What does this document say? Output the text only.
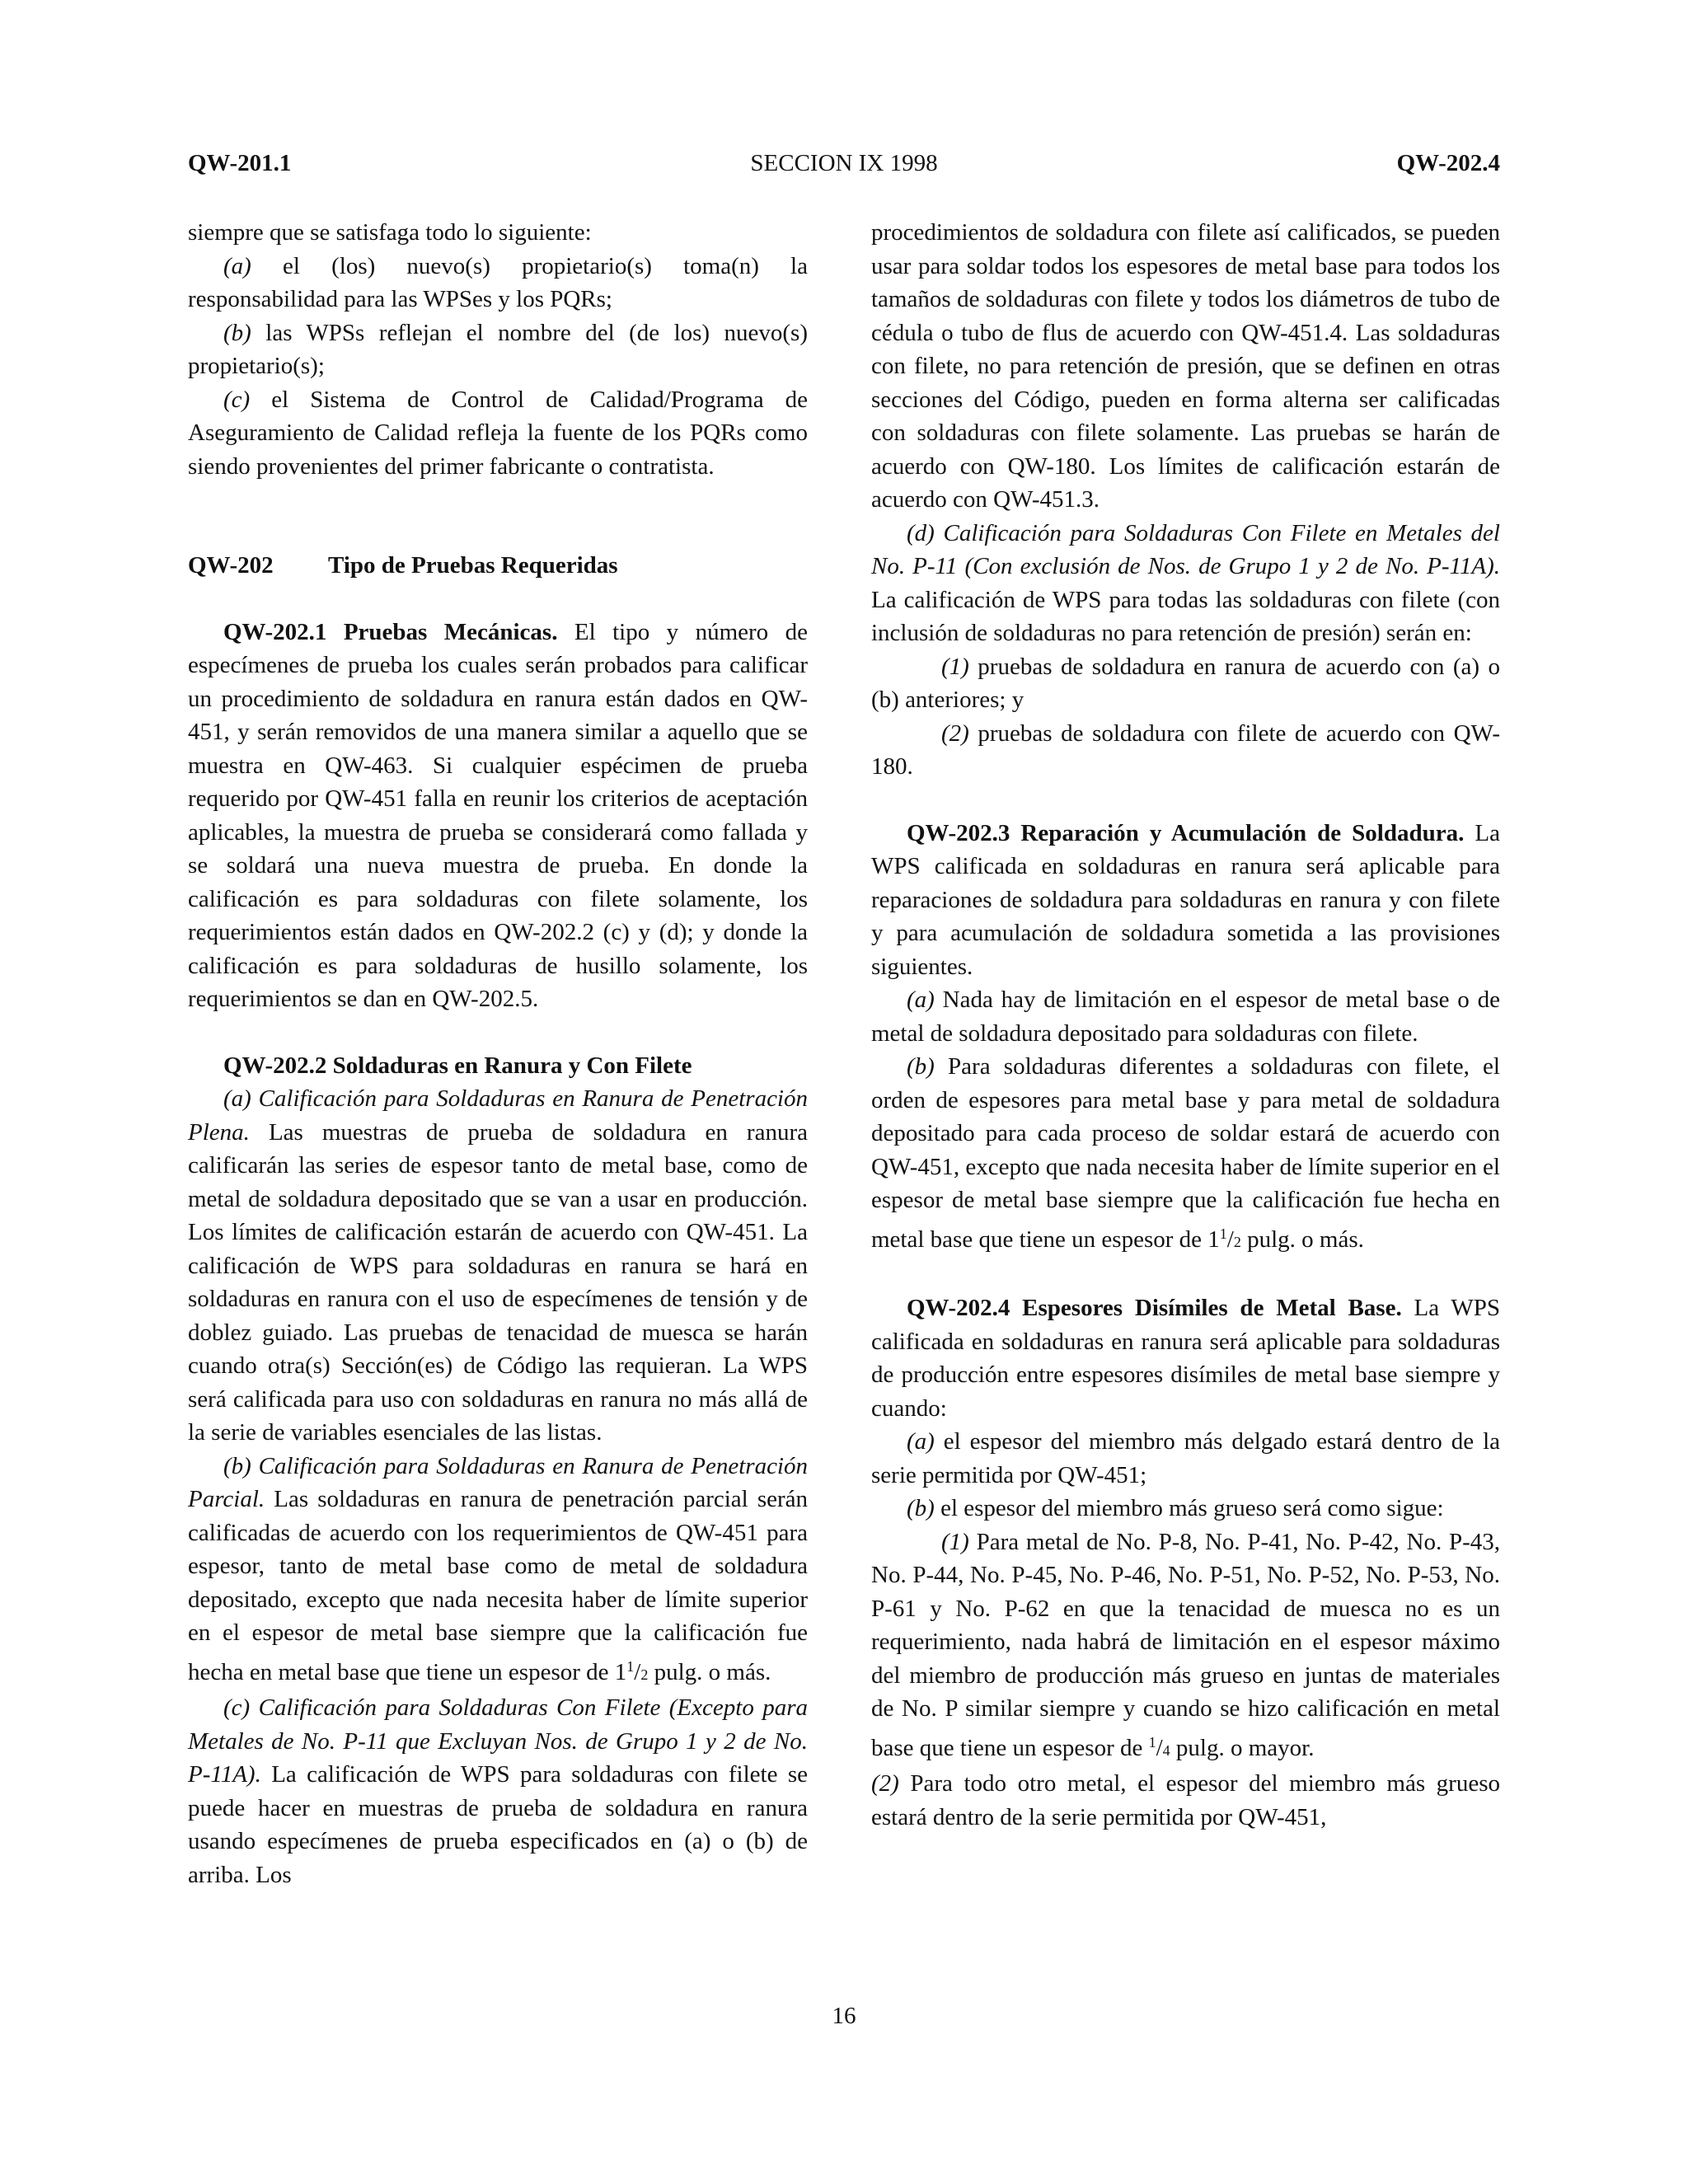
QW-201.1	SECCION IX 1998	QW-202.4

siempre que se satisfaga todo lo siguiente:

(a) el (los) nuevo(s) propietario(s) toma(n) la responsabilidad para las WPSes y los PQRs;

(b) las WPSs reflejan el nombre del (de los) nuevo(s) propietario(s);

(c) el Sistema de Control de Calidad/Programa de Aseguramiento de Calidad refleja la fuente de los PQRs como siendo provenientes del primer fabricante o contratista.

QW-202 Tipo de Pruebas Requeridas

QW-202.1 Pruebas Mecánicas. El tipo y número de especímenes de prueba los cuales serán probados para calificar un procedimiento de soldadura en ranura están dados en QW-451, y serán removidos de una manera similar a aquello que se muestra en QW-463. Si cualquier espécimen de prueba requerido por QW-451 falla en reunir los criterios de aceptación aplicables, la muestra de prueba se considerará como fallada y se soldará una nueva muestra de prueba. En donde la calificación es para soldaduras con filete solamente, los requerimientos están dados en QW-202.2 (c) y (d); y donde la calificación es para soldaduras de husillo solamente, los requerimientos se dan en QW-202.5.

QW-202.2 Soldaduras en Ranura y Con Filete

(a) Calificación para Soldaduras en Ranura de Penetración Plena. Las muestras de prueba de soldadura en ranura calificarán las series de espesor tanto de metal base, como de metal de soldadura depositado que se van a usar en producción. Los límites de calificación estarán de acuerdo con QW-451. La calificación de WPS para soldaduras en ranura se hará en soldaduras en ranura con el uso de especímenes de tensión y de doblez guiado. Las pruebas de tenacidad de muesca se harán cuando otra(s) Sección(es) de Código las requieran. La WPS será calificada para uso con soldaduras en ranura no más allá de la serie de variables esenciales de las listas.

(b) Calificación para Soldaduras en Ranura de Penetración Parcial. Las soldaduras en ranura de penetración parcial serán calificadas de acuerdo con los requerimientos de QW-451 para espesor, tanto de metal base como de metal de soldadura depositado, excepto que nada necesita haber de límite superior en el espesor de metal base siempre que la calificación fue hecha en metal base que tiene un espesor de $1^1/2$ pulg. o más.

(c) Calificación para Soldaduras Con Filete (Excepto para Metales de No. P-11 que Excluyan Nos. de Grupo 1 y 2 de No. P-11A). La calificación de WPS para soldaduras con filete se puede hacer en muestras de prueba de soldadura en ranura usando especímenes de prueba especificados en (a) o (b) de arriba. Los

procedimientos de soldadura con filete así calificados, se pueden usar para soldar todos los espesores de metal base para todos los tamaños de soldaduras con filete y todos los diámetros de tubo de cédula o tubo de flus de acuerdo con QW-451.4. Las soldaduras con filete, no para retención de presión, que se definen en otras secciones del Código, pueden en forma alterna ser calificadas con soldaduras con filete solamente. Las pruebas se harán de acuerdo con QW-180. Los límites de calificación estarán de acuerdo con QW-451.3.

(d) Calificación para Soldaduras Con Filete en Metales del No. P-11 (Con exclusión de Nos. de Grupo 1 y 2 de No. P-11A). La calificación de WPS para todas las soldaduras con filete (con inclusión de soldaduras no para retención de presión) serán en:

(1) pruebas de soldadura en ranura de acuerdo con (a) o (b) anteriores; y

(2) pruebas de soldadura con filete de acuerdo con QW-180.

QW-202.3 Reparación y Acumulación de Soldadura. La WPS calificada en soldaduras en ranura será aplicable para reparaciones de soldadura para soldaduras en ranura y con filete y para acumulación de soldadura sometida a las provisiones siguientes.

(a) Nada hay de limitación en el espesor de metal base o de metal de soldadura depositado para soldaduras con filete.

(b) Para soldaduras diferentes a soldaduras con filete, el orden de espesores para metal base y para metal de soldadura depositado para cada proceso de soldar estará de acuerdo con QW-451, excepto que nada necesita haber de límite superior en el espesor de metal base siempre que la calificación fue hecha en metal base que tiene un espesor de $1^1/2$ pulg. o más.

QW-202.4 Espesores Disímiles de Metal Base. La WPS calificada en soldaduras en ranura será aplicable para soldaduras de producción entre espesores disímiles de metal base siempre y cuando:

(a) el espesor del miembro más delgado estará dentro de la serie permitida por QW-451;

(b) el espesor del miembro más grueso será como sigue:

(1) Para metal de No. P-8, No. P-41, No. P-42, No. P-43, No. P-44, No. P-45, No. P-46, No. P-51, No. P-52, No. P-53, No. P-61 y No. P-62 en que la tenacidad de muesca no es un requerimiento, nada habrá de limitación en el espesor máximo del miembro de producción más grueso en juntas de materiales de No. P similar siempre y cuando se hizo calificación en metal base que tiene un espesor de $^1$/4 pulg. o mayor.

(2) Para todo otro metal, el espesor del miembro más grueso estará dentro de la serie permitida por QW-451,

16
